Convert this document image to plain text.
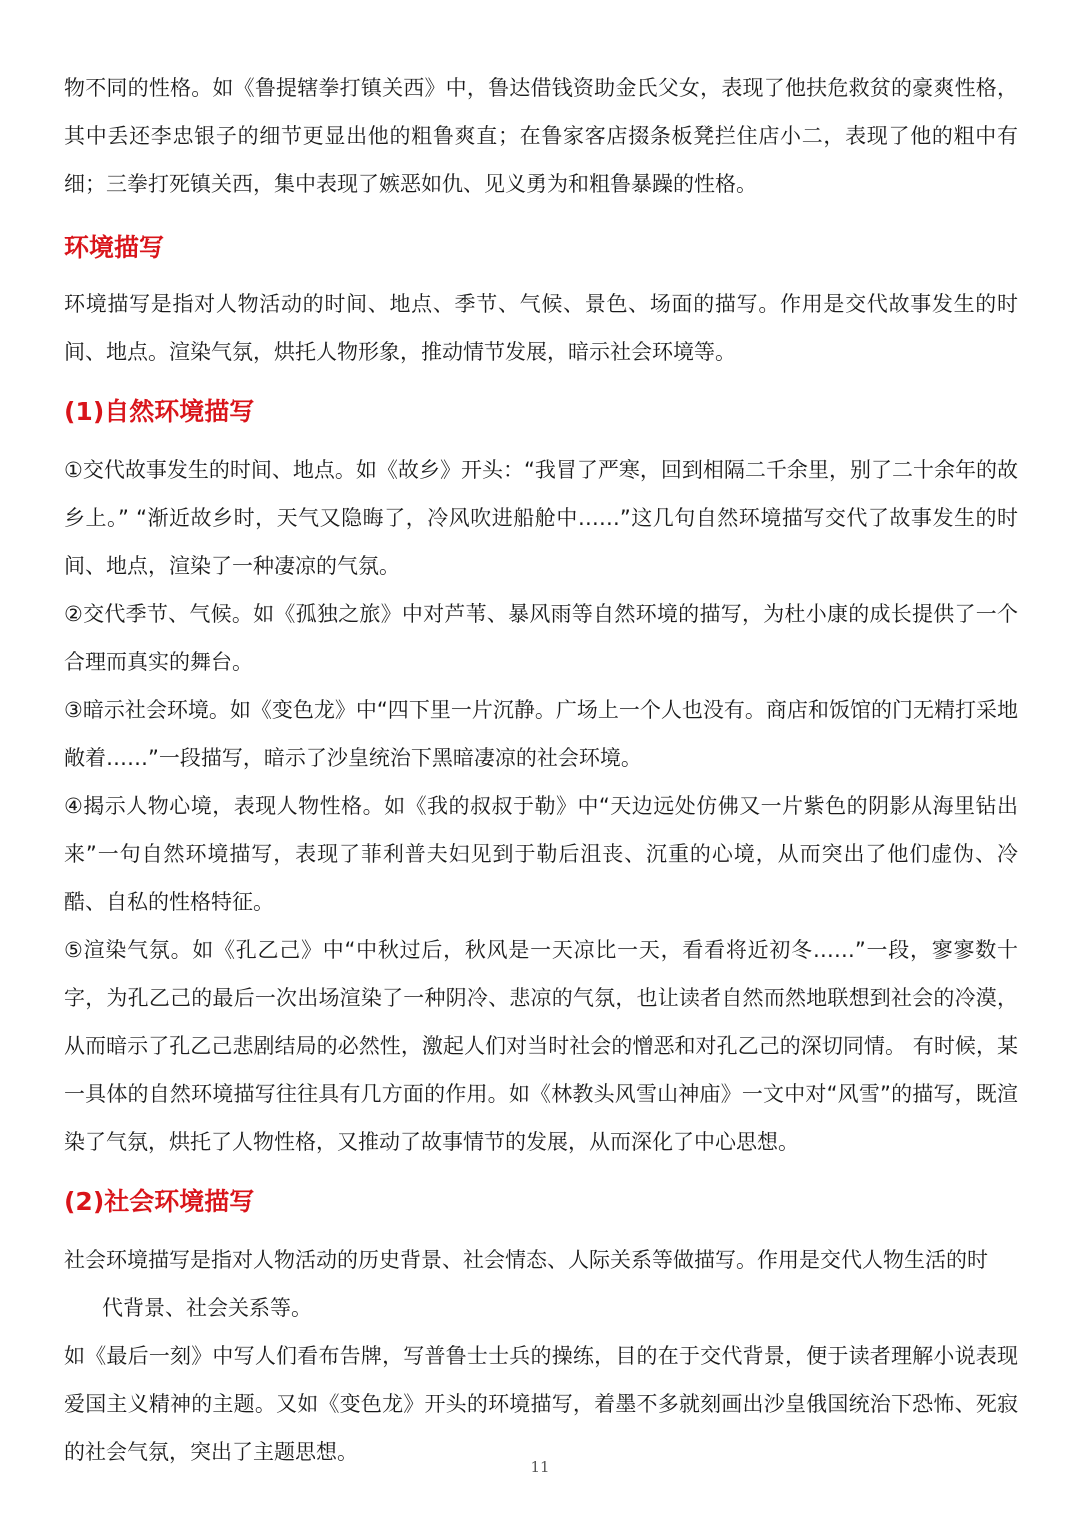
物不同的性格。如《鲁提辖拳打镇关西》中，鲁达借钱资助金氏父女，表现了他扶危救贫的豪爽性格，其中丢还李忠银子的细节更显出他的粗鲁爽直；在鲁家客店掇条板凳拦住店小二，表现了他的粗中有细；三拳打死镇关西，集中表现了嫉恶如仇、见义勇为和粗鲁暴躁的性格。

环境描写

环境描写是指对人物活动的时间、地点、季节、气候、景色、场面的描写。作用是交代故事发生的时间、地点。渲染气氛，烘托人物形象，推动情节发展，暗示社会环境等。

(1)自然环境描写

①交代故事发生的时间、地点。如《故乡》开头：“我冒了严寒，回到相隔二千余里，别了二十余年的故乡上。” “渐近故乡时，天气又隐晦了，冷风吹进船舱中……”这几句自然环境描写交代了故事发生的时间、地点，渲染了一种凄凉的气氛。

②交代季节、气候。如《孤独之旅》中对芦苇、暴风雨等自然环境的描写，为杜小康的成长提供了一个合理而真实的舞台。

③暗示社会环境。如《变色龙》中“四下里一片沉静。广场上一个人也没有。商店和饭馆的门无精打采地敞着……”一段描写，暗示了沙皇统治下黑暗凄凉的社会环境。

④揭示人物心境，表现人物性格。如《我的叔叔于勒》中“天边远处仿佛又一片紫色的阴影从海里钻出来”一句自然环境描写，表现了菲利普夫妇见到于勒后沮丧、沉重的心境，从而突出了他们虚伪、冷酷、自私的性格特征。

⑤渲染气氛。如《孔乙己》中“中秋过后，秋风是一天凉比一天，看看将近初冬……”一段，寥寥数十字，为孔乙己的最后一次出场渲染了一种阴冷、悲凉的气氛，也让读者自然而然地联想到社会的冷漠，从而暗示了孔乙己悲剧结局的必然性，激起人们对当时社会的憎恶和对孔乙己的深切同情。 有时候，某一具体的自然环境描写往往具有几方面的作用。如《林教头风雪山神庙》一文中对“风雪”的描写，既渲染了气氛，烘托了人物性格，又推动了故事情节的发展，从而深化了中心思想。

(2)社会环境描写

社会环境描写是指对人物活动的历史背景、社会情态、人际关系等做描写。作用是交代人物生活的时

代背景、社会关系等。

如《最后一刻》中写人们看布告牌，写普鲁士士兵的操练，目的在于交代背景，便于读者理解小说表现爱国主义精神的主题。又如《变色龙》开头的环境描写，着墨不多就刻画出沙皇俄国统治下恐怖、死寂的社会气氛，突出了主题思想。

11
